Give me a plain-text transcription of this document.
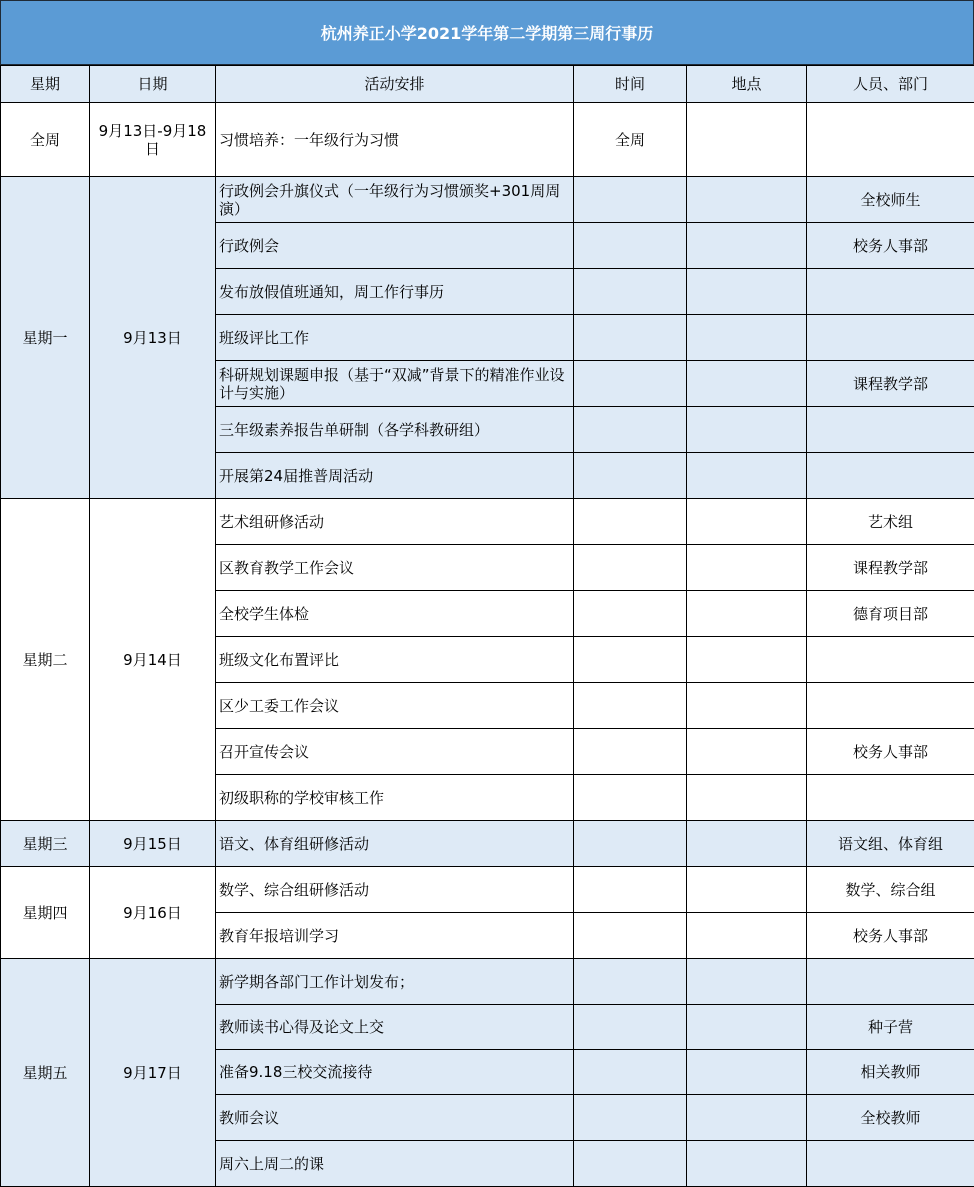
杭州养正小学2021学年第二学期第三周行事历
星期	日期	活动安排	时间	地点	人员、部门
全周	9月13日-9月18日	习惯培养：一年级行为习惯	全周		
星期一	9月13日	行政例会升旗仪式（一年级行为习惯颁奖+301周周演）			全校师生
		行政例会			校务人事部
		发布放假值班通知，周工作行事历			
		班级评比工作			
		科研规划课题申报（基于“双减”背景下的精准作业设计与实施）			课程教学部
		三年级素养报告单研制（各学科教研组）			
		开展第24届推普周活动			
星期二	9月14日	艺术组研修活动			艺术组
		区教育教学工作会议			课程教学部
		全校学生体检			德育项目部
		班级文化布置评比			
		区少工委工作会议			
		召开宣传会议			校务人事部
		初级职称的学校审核工作			
星期三	9月15日	语文、体育组研修活动			语文组、体育组
星期四	9月16日	数学、综合组研修活动			数学、综合组
		教育年报培训学习			校务人事部
星期五	9月17日	新学期各部门工作计划发布；			
		教师读书心得及论文上交			种子营
		准备9.18三校交流接待			相关教师
		教师会议			全校教师
		周六上周二的课			
